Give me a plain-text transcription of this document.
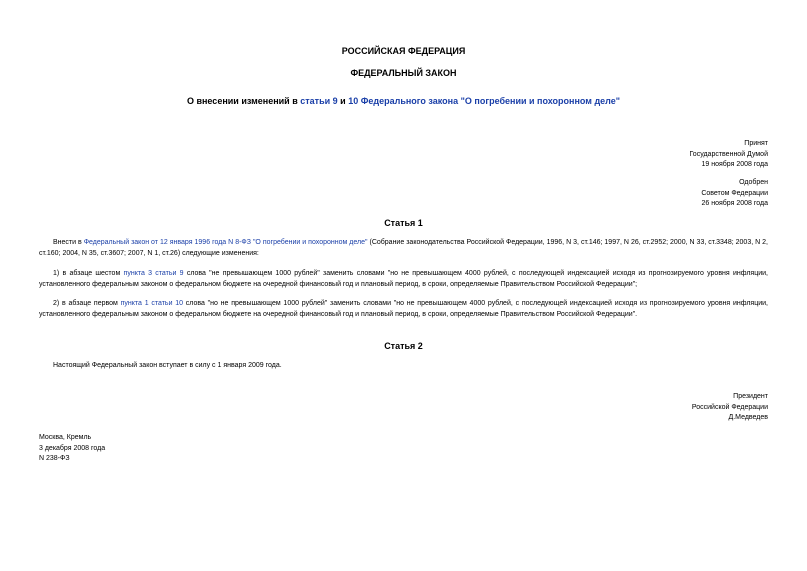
РОССИЙСКАЯ ФЕДЕРАЦИЯ
ФЕДЕРАЛЬНЫЙ ЗАКОН
О внесении изменений в статьи 9 и 10 Федерального закона "О погребении и похоронном деле"
Принят
Государственной Думой
19 ноября 2008 года
Одобрен
Советом Федерации
26 ноября 2008 года
Статья 1
Внести в Федеральный закон от 12 января 1996 года N 8-ФЗ "О погребении и похоронном деле" (Собрание законодательства Российской Федерации, 1996, N 3, ст.146; 1997, N 26, ст.2952; 2000, N 33, ст.3348; 2003, N 2, ст.160; 2004, N 35, ст.3607; 2007, N 1, ст.26) следующие изменения:
1) в абзаце шестом пункта 3 статьи 9 слова "не превышающем 1000 рублей" заменить словами "но не превышающем 4000 рублей, с последующей индексацией исходя из прогнозируемого уровня инфляции, установленного федеральным законом о федеральном бюджете на очередной финансовый год и плановый период, в сроки, определяемые Правительством Российской Федерации";
2) в абзаце первом пункта 1 статьи 10 слова "но не превышающем 1000 рублей" заменить словами "но не превышающем 4000 рублей, с последующей индексацией исходя из прогнозируемого уровня инфляции, установленного федеральным законом о федеральном бюджете на очередной финансовый год и плановый период, в сроки, определяемые Правительством Российской Федерации".
Статья 2
Настоящий Федеральный закон вступает в силу с 1 января 2009 года.
Президент
Российской Федерации
Д.Медведев
Москва, Кремль
3 декабря 2008 года
N 238-ФЗ
